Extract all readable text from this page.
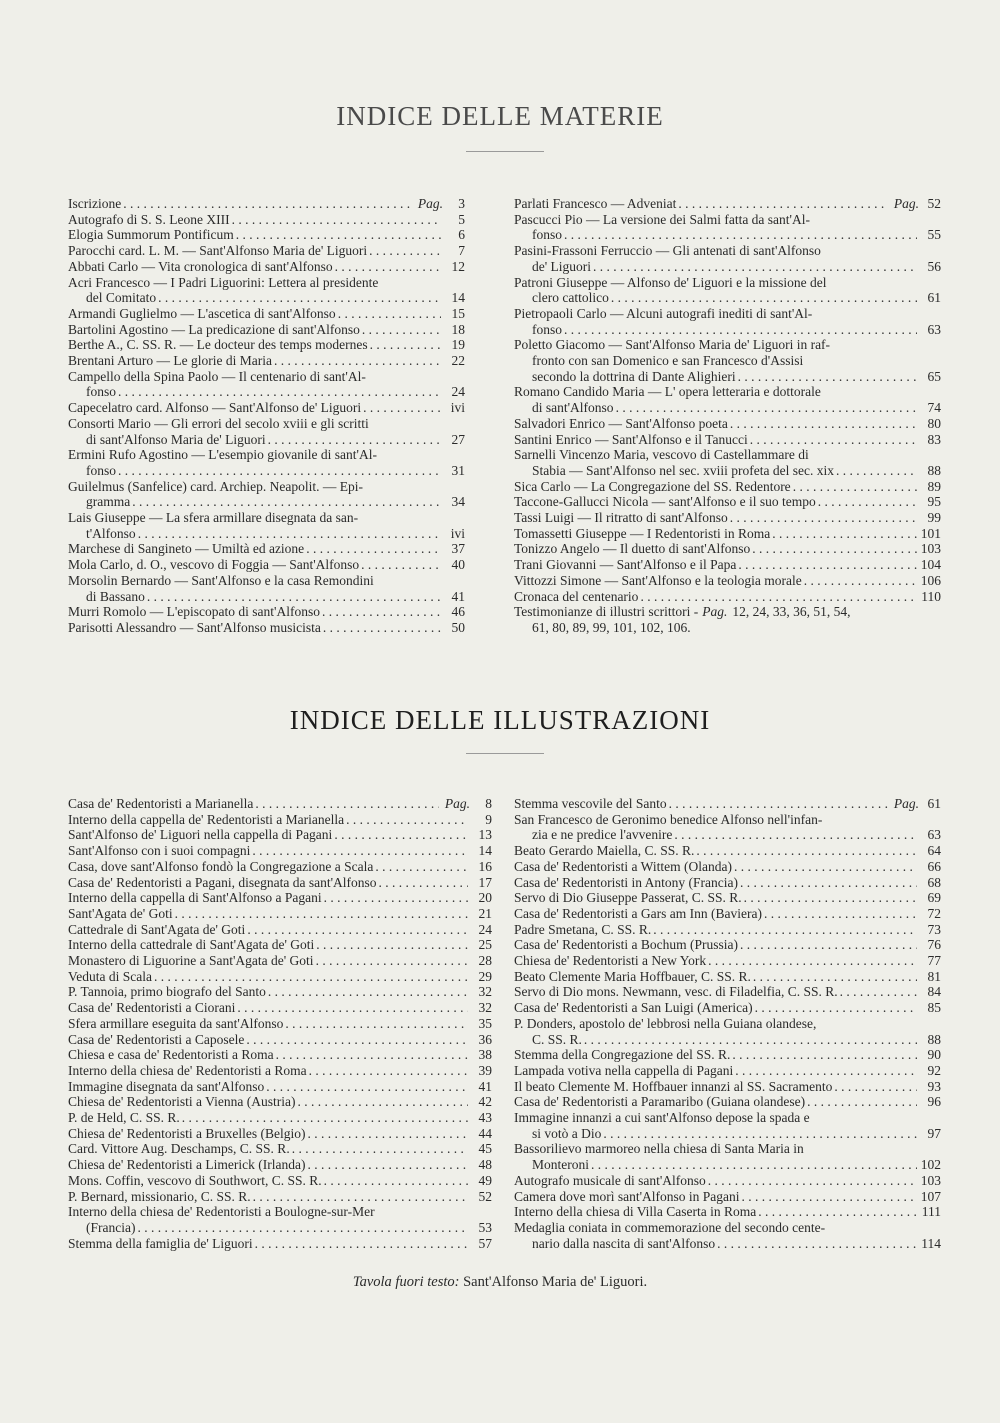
INDICE DELLE MATERIE
Iscrizione . . .	Pag.	3
Autografo di S. S. Leone XIII . . .	5
Elogia Summorum Pontificum . . .	6
Parocchi card. L. M. — Sant'Alfonso Maria de' Liguori . . .	7
Abbati Carlo — Vita cronologica di sant'Alfonso . . .	12
Acri Francesco — I Padri Liguorini: Lettera al presidente
del Comitato . . .	14
Armandi Guglielmo — L'ascetica di sant'Alfonso . . .	15
Bartolini Agostino — La predicazione di sant'Alfonso . . .	18
Berthe A., C. SS. R. — Le docteur des temps modernes . . .	19
Brentani Arturo — Le glorie di Maria . . .	22
Campello della Spina Paolo — Il centenario di sant'Al-
fonso . . .	24
Capecelatro card. Alfonso — Sant'Alfonso de' Liguori . . .	ivi
Consorti Mario — Gli errori del secolo xviii e gli scritti
di sant'Alfonso Maria de' Liguori . . .	27
Ermini Rufo Agostino — L'esempio giovanile di sant'Al-
fonso . . .	31
Guilelmus (Sanfelice) card. Archiep. Neapolit. — Epi-
gramma . . .	34
Lais Giuseppe — La sfera armillare disegnata da san-
t'Alfonso . . .	ivi
Marchese di Sangineto — Umiltà ed azione . . .	37
Mola Carlo, d. O., vescovo di Foggia — Sant'Alfonso . . .	40
Morsolin Bernardo — Sant'Alfonso e la casa Remondini
di Bassano . . .	41
Murri Romolo — L'episcopato di sant'Alfonso . . .	46
Parisotti Alessandro — Sant'Alfonso musicista . . .	50
Parlati Francesco — Adveniat . . .	Pag. 52
Pascucci Pio — La versione dei Salmi fatta da sant'Al-
fonso . . .	55
Pasini-Frassoni Ferruccio — Gli antenati di sant'Alfonso
de' Liguori . . .	56
Patroni Giuseppe — Alfonso de' Liguori e la missione del
clero cattolico . . .	61
Pietropaoli Carlo — Alcuni autografi inediti di sant'Al-
fonso . . .	63
Poletto Giacomo — Sant'Alfonso Maria de' Liguori in raf-
fronto con san Domenico e san Francesco d'Assisi
secondo la dottrina di Dante Alighieri . . .	65
Romano Candido Maria — L' opera letteraria e dottorale
di sant'Alfonso . . .	74
Salvadori Enrico — Sant'Alfonso poeta . . .	80
Santini Enrico — Sant'Alfonso e il Tanucci . . .	83
Sarnelli Vincenzo Maria, vescovo di Castellammare di
Stabia — Sant'Alfonso nel sec. xviii profeta del sec. xix . . .	88
Sica Carlo — La Congregazione del SS. Redentore . . .	89
Taccone-Gallucci Nicola — sant'Alfonso e il suo tempo . . .	95
Tassi Luigi — Il ritratto di sant'Alfonso . . .	99
Tomassetti Giuseppe — I Redentoristi in Roma . . .	101
Tonizzo Angelo — Il duetto di sant'Alfonso . . .	103
Trani Giovanni — Sant'Alfonso e il Papa . . .	104
Vittozzi Simone — Sant'Alfonso e la teologia morale . . .	106
Cronaca del centenario . . .	110
Testimonianze di illustri scrittori - Pag. 12, 24, 33, 36, 51, 54,
61, 80, 89, 99, 101, 102, 106.
INDICE DELLE ILLUSTRAZIONI
Casa de' Redentoristi a Marianella . . .	Pag.	8
Interno della cappella de' Redentoristi a Marianella . . .	9
Sant'Alfonso de' Liguori nella cappella di Pagani . . .	13
Sant'Alfonso con i suoi compagni . . .	14
Casa, dove sant'Alfonso fondò la Congregazione a Scala . . .	16
Casa de' Redentoristi a Pagani, disegnata da sant'Alfonso . . .	17
Interno della cappella di Sant'Alfonso a Pagani . . .	20
Sant'Agata de' Goti . . .	21
Cattedrale di Sant'Agata de' Goti . . .	24
Interno della cattedrale di Sant'Agata de' Goti . . .	25
Monastero di Liguorine a Sant'Agata de' Goti . . .	28
Veduta di Scala . . .	29
P. Tannoia, primo biografo del Santo . . .	32
Casa de' Redentoristi a Ciorani . . .	32
Sfera armillare eseguita da sant'Alfonso . . .	35
Casa de' Redentoristi a Caposele . . .	36
Chiesa e casa de' Redentoristi a Roma . . .	38
Interno della chiesa de' Redentoristi a Roma . . .	39
Immagine disegnata da sant'Alfonso . . .	41
Chiesa de' Redentoristi a Vienna (Austria) . . .	42
P. de Held, C. SS. R. . . .	43
Chiesa de' Redentoristi a Bruxelles (Belgio) . . .	44
Card. Vittore Aug. Deschamps, C. SS. R. . . .	45
Chiesa de' Redentoristi a Limerick (Irlanda) . . .	48
Mons. Coffin, vescovo di Southwort, C. SS. R. . . .	49
P. Bernard, missionario, C. SS. R. . . .	52
Interno della chiesa de' Redentoristi a Boulogne-sur-Mer
(Francia) . . .	53
Stemma della famiglia de' Liguori . . .	57
Stemma vescovile del Santo . . .	Pag. 61
San Francesco de Geronimo benedice Alfonso nell'infan-
zia e ne predice l'avvenire . . .	63
Beato Gerardo Maiella, C. SS. R. . . .	64
Casa de' Redentoristi a Wittem (Olanda) . . .	66
Casa de' Redentoristi in Antony (Francia) . . .	68
Servo di Dio Giuseppe Passerat, C. SS. R. . . .	69
Casa de' Redentoristi a Gars am Inn (Baviera) . . .	72
Padre Smetana, C. SS. R. . . .	73
Casa de' Redentoristi a Bochum (Prussia) . . .	76
Chiesa de' Redentoristi a New York . . .	77
Beato Clemente Maria Hoffbauer, C. SS. R. . . .	81
Servo di Dio mons. Newmann, vesc. di Filadelfia, C. SS. R. . . .	84
Casa de' Redentoristi a San Luigi (America) . . .	85
P. Donders, apostolo de' lebbrosi nella Guiana olandese,
C. SS. R. . . .	88
Stemma della Congregazione del SS. R. . . .	90
Lampada votiva nella cappella di Pagani . . .	92
Il beato Clemente M. Hoffbauer innanzi al SS. Sacramento . . .	93
Casa de' Redentoristi a Paramaribo (Guiana olandese) . . .	96
Immagine innanzi a cui sant'Alfonso depose la spada e
si votò a Dio . . .	97
Bassorilievo marmoreo nella chiesa di Santa Maria in
Monteroni . . .	102
Autografo musicale di sant'Alfonso . . .	103
Camera dove morì sant'Alfonso in Pagani . . .	107
Interno della chiesa di Villa Caserta in Roma . . .	111
Medaglia coniata in commemorazione del secondo cente-
nario dalla nascita di sant'Alfonso . . .	114
Tavola fuori testo: Sant'Alfonso Maria de' Liguori.
